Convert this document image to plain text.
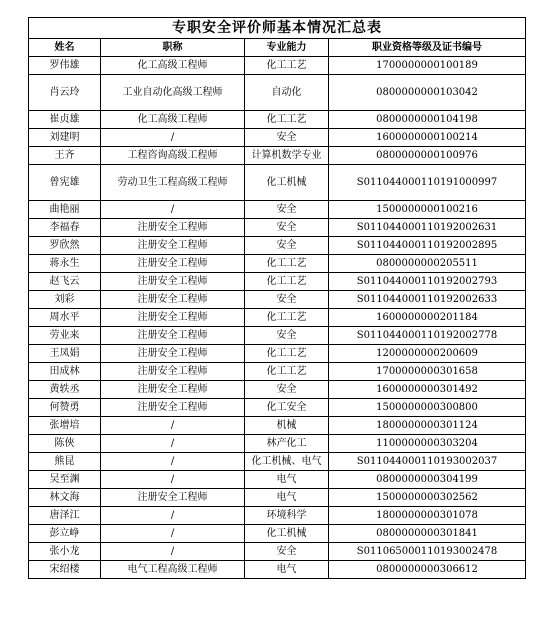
专职安全评价师基本情况汇总表			
姓名	职称	专业能力	职业资格等级及证书编号
罗伟雄	化工高级工程师	化工工艺	1700000000100189
肖云玲	工业自动化高级工程师	自动化	0800000000103042
崔贞雄	化工高级工程师	化工工艺	0800000000104198
刘建明	/	安全	1600000000100214
王齐	工程咨询高级工程师	计算机数学专业	0800000000100976
曾宪雄	劳动卫生工程高级工程师	化工机械	S011044000110191000997
曲艳丽	/	安全	1500000000100216
李福春	注册安全工程师	安全	S011044000110192002631
罗欣然	注册安全工程师	安全	S011044000110192002895
蒋永生	注册安全工程师	化工工艺	0800000000205511
赵飞云	注册安全工程师	化工工艺	S011044000110192002793
刘彩	注册安全工程师	安全	S011044000110192002633
周水平	注册安全工程师	化工工艺	1600000000201184
劳业来	注册安全工程师	安全	S011044000110192002778
王凤娟	注册安全工程师	化工工艺	1200000000200609
田成林	注册安全工程师	化工工艺	1700000000301658
黄轶丞	注册安全工程师	安全	1600000000301492
何赞勇	注册安全工程师	化工安全	1500000000300800
张增培	/	机械	1800000000301124
陈俠	/	林产化工	1100000000303204
熊昆	/	化工机械、电气	S011044000110193002037
吴至渊	/	电气	0800000000304199
林文海	注册安全工程师	电气	1500000000302562
唐泽江	/	环境科学	1800000000301078
彭立峥	/	化工机械	0800000000301841
张小龙	/	安全	S011065000110193002478
宋绍楼	电气工程高级工程师	电气	0800000000306612
